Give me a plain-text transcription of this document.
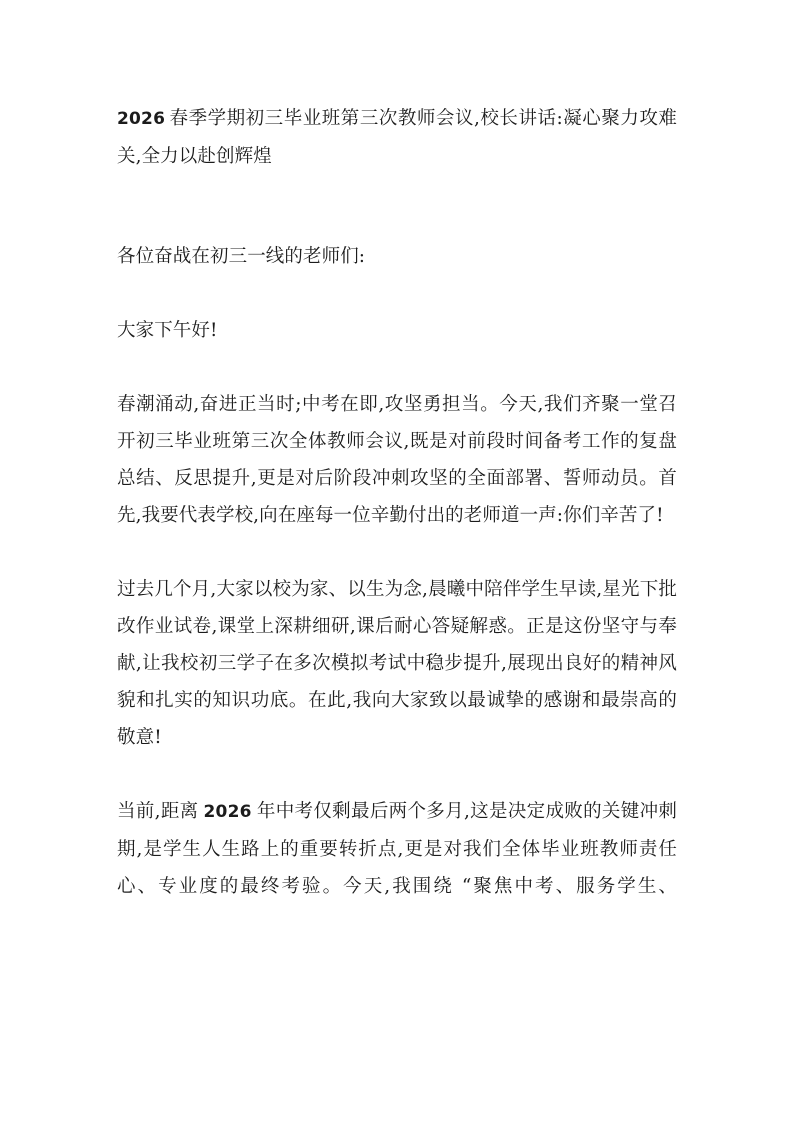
2026 春季学期初三毕业班第三次教师会议,校长讲话:凝心聚力攻难关,全力以赴创辉煌

各位奋战在初三一线的老师们:

大家下午好!

春潮涌动,奋进正当时;中考在即,攻坚勇担当。今天,我们齐聚一堂召开初三毕业班第三次全体教师会议,既是对前段时间备考工作的复盘总结、反思提升,更是对后阶段冲刺攻坚的全面部署、誓师动员。首先,我要代表学校,向在座每一位辛勤付出的老师道一声:你们辛苦了!

过去几个月,大家以校为家、以生为念,晨曦中陪伴学生早读,星光下批改作业试卷,课堂上深耕细研,课后耐心答疑解惑。正是这份坚守与奉献,让我校初三学子在多次模拟考试中稳步提升,展现出良好的精神风貌和扎实的知识功底。在此,我向大家致以最诚挚的感谢和最崇高的敬意!

当前,距离 2026 年中考仅剩最后两个多月,这是决定成败的关键冲刺期,是学生人生路上的重要转折点,更是对我们全体毕业班教师责任心、专业度的最终考验。今天,我围绕 “聚焦中考、服务学生、
